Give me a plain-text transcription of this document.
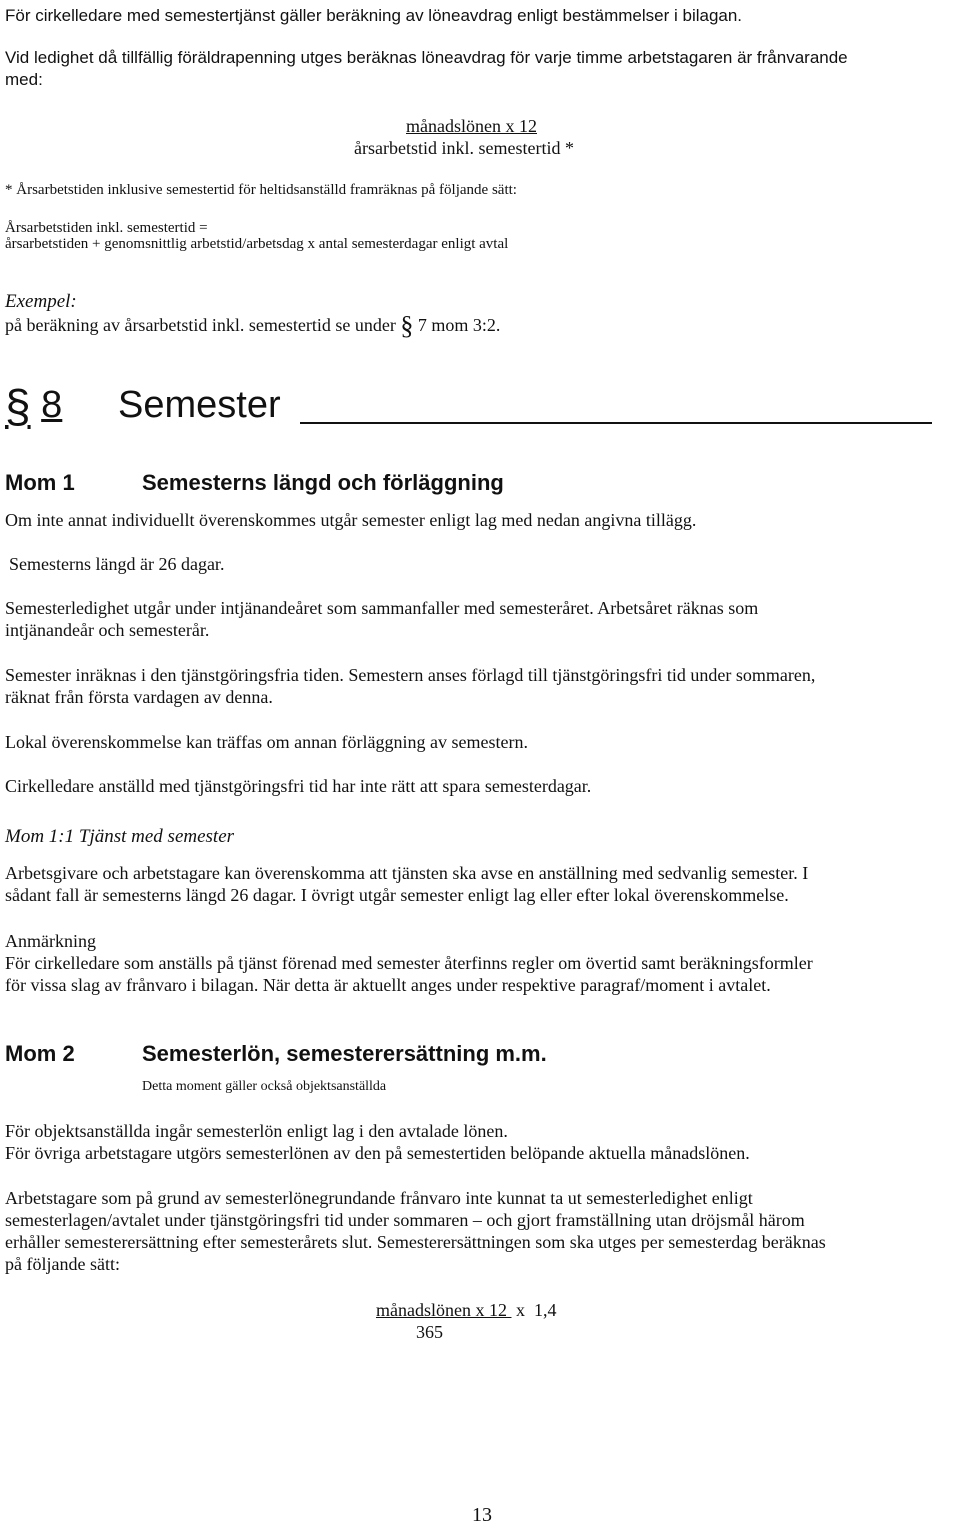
För cirkelledare med semestertjänst gäller beräkning av löneavdrag enligt bestämmelser i bilagan.
Vid ledighet då tillfällig föräldrapenning utges beräknas löneavdrag för varje timme arbetstagaren är frånvarande
med:
månadslönen x 12
årsarbetstid inkl. semestertid *
* Årsarbetstiden inklusive semestertid för heltidsanställd framräknas på följande sätt:
Årsarbetstiden inkl. semestertid =
årsarbetstiden + genomsnittlig arbetstid/arbetsdag x antal semesterdagar enligt avtal
Exempel:
på beräkning av årsarbetstid inkl. semestertid se under § 7 mom 3:2.
§ 8 Semester
Mom 1	Semesterns längd och förläggning
Om inte annat individuellt överenskommes utgår semester enligt lag med nedan angivna tillägg.
Semesterns längd är 26 dagar.
Semesterledighet utgår under intjänandeåret som sammanfaller med semesteråret. Arbetsåret räknas som
intjänandeår och semesterår.
Semester inräknas i den tjänstgöringsfria tiden. Semestern anses förlagd till tjänstgöringsfri tid under sommaren,
räknat från första vardagen av denna.
Lokal överenskommelse kan träffas om annan förläggning av semestern.
Cirkelledare anställd med tjänstgöringsfri tid har inte rätt att spara semesterdagar.
Mom 1:1 Tjänst med semester
Arbetsgivare och arbetstagare kan överenskomma att tjänsten ska avse en anställning med sedvanlig semester. I
sådant fall är semesterns längd 26 dagar. I övrigt utgår semester enligt lag eller efter lokal överenskommelse.
Anmärkning
För cirkelledare som anställs på tjänst förenad med semester återfinns regler om övertid samt beräkningsformler
för vissa slag av frånvaro i bilagan. När detta är aktuellt anges under respektive paragraf/moment i avtalet.
Mom 2	Semesterlön, semesterersättning m.m.
Detta moment gäller också objektsanställda
För objektsanställda ingår semesterlön enligt lag i den avtalade lönen.
För övriga arbetstagare utgörs semesterlönen av den på semestertiden belöpande aktuella månadslönen.
Arbetstagare som på grund av semesterlönegrundande frånvaro inte kunnat ta ut semesterledighet enligt
semesterlagen/avtalet under tjänstgöringsfri tid under sommaren – och gjort framställning utan dröjsmål härom
erhåller semesterersättning efter semesterårets slut. Semesterersättningen som ska utges per semesterdag beräknas
på följande sätt:
månadslönen x 12  x  1,4
365
13
